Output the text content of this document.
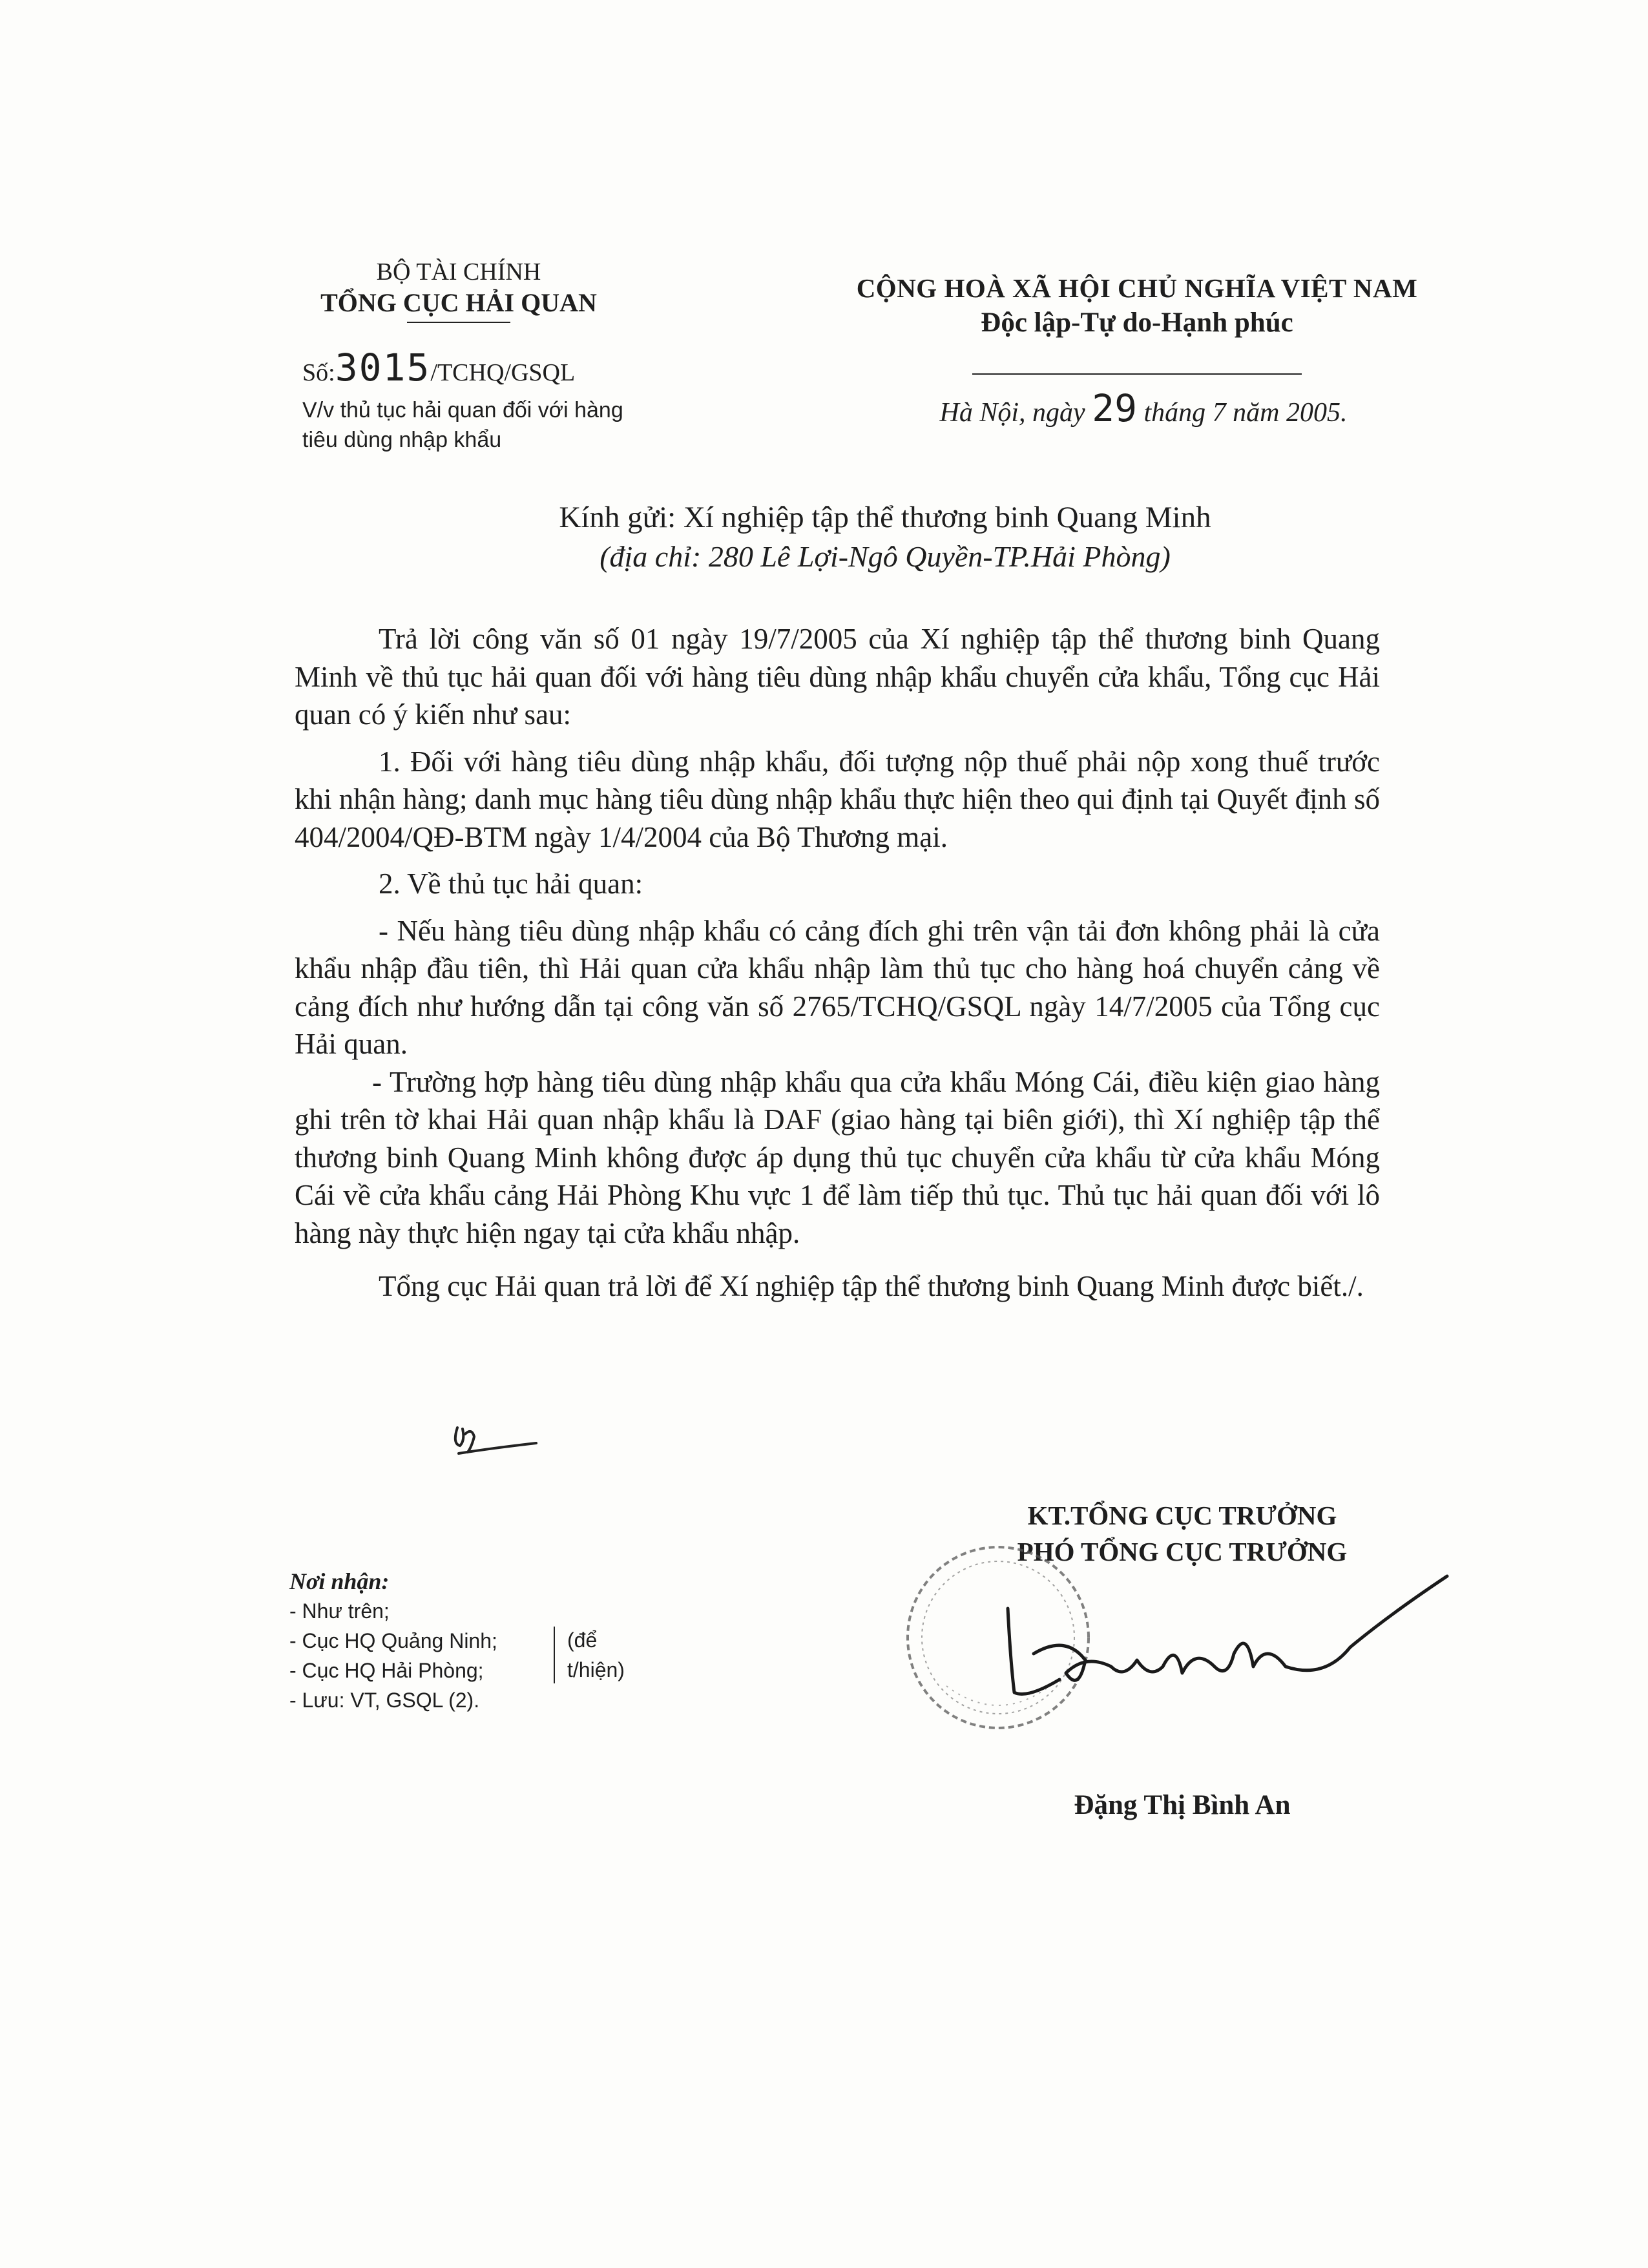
BỘ TÀI CHÍNH
TỔNG CỤC HẢI QUAN
Số:3015/TCHQ/GSQL
V/v thủ tục hải quan đối với hàng
tiêu dùng nhập khẩu
CỘNG HOÀ XÃ HỘI CHỦ NGHĨA VIỆT NAM
Độc lập-Tự do-Hạnh phúc
Hà Nội, ngày 29 tháng 7 năm 2005.
Kính gửi: Xí nghiệp tập thể thương binh Quang Minh
(địa chỉ: 280 Lê Lợi-Ngô Quyền-TP.Hải Phòng)

Trả lời công văn số 01 ngày 19/7/2005 của Xí nghiệp tập thể thương binh Quang Minh về thủ tục hải quan đối với hàng tiêu dùng nhập khẩu chuyển cửa khẩu, Tổng cục Hải quan có ý kiến như sau:

1. Đối với hàng tiêu dùng nhập khẩu, đối tượng nộp thuế phải nộp xong thuế trước khi nhận hàng; danh mục hàng tiêu dùng nhập khẩu thực hiện theo qui định tại Quyết định số 404/2004/QĐ-BTM ngày 1/4/2004 của Bộ Thương mại.

2. Về thủ tục hải quan:

- Nếu hàng tiêu dùng nhập khẩu có cảng đích ghi trên vận tải đơn không phải là cửa khẩu nhập đầu tiên, thì Hải quan cửa khẩu nhập làm thủ tục cho hàng hoá chuyển cảng về cảng đích như hướng dẫn tại công văn số 2765/TCHQ/GSQL ngày 14/7/2005 của Tổng cục Hải quan.

- Trường hợp hàng tiêu dùng nhập khẩu qua cửa khẩu Móng Cái, điều kiện giao hàng ghi trên tờ khai Hải quan nhập khẩu là DAF (giao hàng tại biên giới), thì Xí nghiệp tập thể thương binh Quang Minh không được áp dụng thủ tục chuyển cửa khẩu từ cửa khẩu Móng Cái về cửa khẩu cảng Hải Phòng Khu vực 1 để làm tiếp thủ tục. Thủ tục hải quan đối với lô hàng này thực hiện ngay tại cửa khẩu nhập.

Tổng cục Hải quan trả lời để Xí nghiệp tập thể thương binh Quang Minh được biết./.

KT.TỔNG CỤC TRƯỞNG
PHÓ TỔNG CỤC TRƯỞNG
Đặng Thị Bình An
Nơi nhận:
- Như trên;
- Cục HQ Quảng Ninh;
- Cục HQ Hải Phòng;
- Lưu: VT, GSQL (2).
(để
t/hiện)
